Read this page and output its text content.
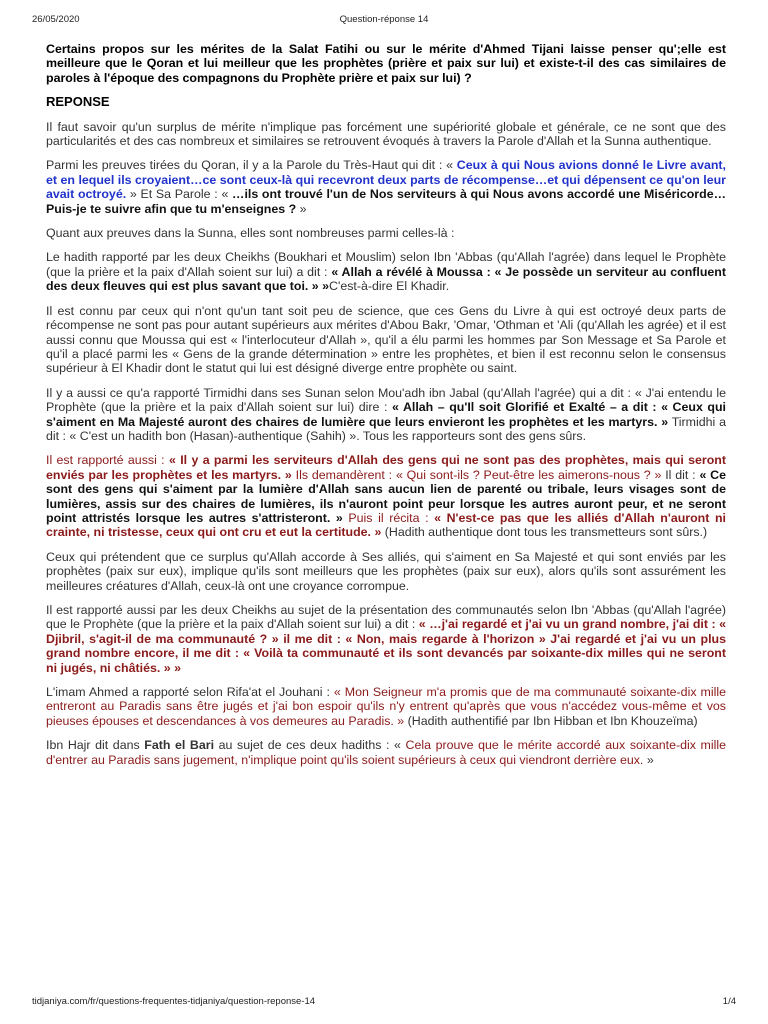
26/05/2020	Question-réponse 14

Certains propos sur les mérites de la Salat Fatihi ou sur le mérite d'Ahmed Tijani laisse penser qu';elle est meilleure que le Qoran et lui meilleur que les prophètes (prière et paix sur lui) et existe-t-il des cas similaires de paroles à l'époque des compagnons du Prophète prière et paix sur lui) ?

REPONSE

Il faut savoir qu'un surplus de mérite n'implique pas forcément une supériorité globale et générale, ce ne sont que des particularités et des cas nombreux et similaires se retrouvent évoqués à travers la Parole d'Allah et la Sunna authentique.

Parmi les preuves tirées du Qoran, il y a la Parole du Très-Haut qui dit : « Ceux à qui Nous avions donné le Livre avant, et en lequel ils croyaient…ce sont ceux-là qui recevront deux parts de récompense…et qui dépensent ce qu'on leur avait octroyé. » Et Sa Parole : « …ils ont trouvé l'un de Nos serviteurs à qui Nous avons accordé une Miséricorde…Puis-je te suivre afin que tu m'enseignes ? »

Quant aux preuves dans la Sunna, elles sont nombreuses parmi celles-là :

Le hadith rapporté par les deux Cheikhs (Boukhari et Mouslim) selon Ibn 'Abbas (qu'Allah l'agrée) dans lequel le Prophète (que la prière et la paix d'Allah soient sur lui) a dit : « Allah a révélé à Moussa : « Je possède un serviteur au confluent des deux fleuves qui est plus savant que toi. » »C'est-à-dire El Khadir.

Il est connu par ceux qui n'ont qu'un tant soit peu de science, que ces Gens du Livre à qui est octroyé deux parts de récompense ne sont pas pour autant supérieurs aux mérites d'Abou Bakr, 'Omar, 'Othman et 'Ali (qu'Allah les agrée) et il est aussi connu que Moussa qui est « l'interlocuteur d'Allah », qu'il a élu parmi les hommes par Son Message et Sa Parole et qu'il a placé parmi les « Gens de la grande détermination » entre les prophètes, et bien il est reconnu selon le consensus supérieur à El Khadir dont le statut qui lui est désigné diverge entre prophète ou saint.

Il y a aussi ce qu'a rapporté Tirmidhi dans ses Sunan selon Mou'adh ibn Jabal (qu'Allah l'agrée) qui a dit : « J'ai entendu le Prophète (que la prière et la paix d'Allah soient sur lui) dire : « Allah – qu'Il soit Glorifié et Exalté – a dit : « Ceux qui s'aiment en Ma Majesté auront des chaires de lumière que leurs envieront les prophètes et les martyrs. » Tirmidhi a dit : « C'est un hadith bon (Hasan)-authentique (Sahih) ». Tous les rapporteurs sont des gens sûrs.

Il est rapporté aussi : « Il y a parmi les serviteurs d'Allah des gens qui ne sont pas des prophètes, mais qui seront enviés par les prophètes et les martyrs. » Ils demandèrent : « Qui sont-ils ? Peut-être les aimerons-nous ? » Il dit : « Ce sont des gens qui s'aiment par la lumière d'Allah sans aucun lien de parenté ou tribale, leurs visages sont de lumières, assis sur des chaires de lumières, ils n'auront point peur lorsque les autres auront peur, et ne seront point attristés lorsque les autres s'attristeront. » Puis il récita : « N'est-ce pas que les alliés d'Allah n'auront ni crainte, ni tristesse, ceux qui ont cru et eut la certitude. » (Hadith authentique dont tous les transmetteurs sont sûrs.)

Ceux qui prétendent que ce surplus qu'Allah accorde à Ses alliés, qui s'aiment en Sa Majesté et qui sont enviés par les prophètes (paix sur eux), implique qu'ils sont meilleurs que les prophètes (paix sur eux), alors qu'ils sont assurément les meilleures créatures d'Allah, ceux-là ont une croyance corrompue.

Il est rapporté aussi par les deux Cheikhs au sujet de la présentation des communautés selon Ibn 'Abbas (qu'Allah l'agrée) que le Prophète (que la prière et la paix d'Allah soient sur lui) a dit : « …j'ai regardé et j'ai vu un grand nombre, j'ai dit : « Djibril, s'agit-il de ma communauté ? » il me dit : « Non, mais regarde à l'horizon » J'ai regardé et j'ai vu un plus grand nombre encore, il me dit : « Voilà ta communauté et ils sont devancés par soixante-dix milles qui ne seront ni jugés, ni châtiés. » »

L'imam Ahmed a rapporté selon Rifa'at el Jouhani : « Mon Seigneur m'a promis que de ma communauté soixante-dix mille entreront au Paradis sans être jugés et j'ai bon espoir qu'ils n'y entrent qu'après que vous n'accédez vous-même et vos pieuses épouses et descendances à vos demeures au Paradis. » (Hadith authentifié par Ibn Hibban et Ibn Khouzeïma)

Ibn Hajr dit dans Fath el Bari au sujet de ces deux hadiths : « Cela prouve que le mérite accordé aux soixante-dix mille d'entrer au Paradis sans jugement, n'implique point qu'ils soient supérieurs à ceux qui viendront derrière eux. »

tidjaniya.com/fr/questions-frequentes-tidjaniya/question-reponse-14	1/4
